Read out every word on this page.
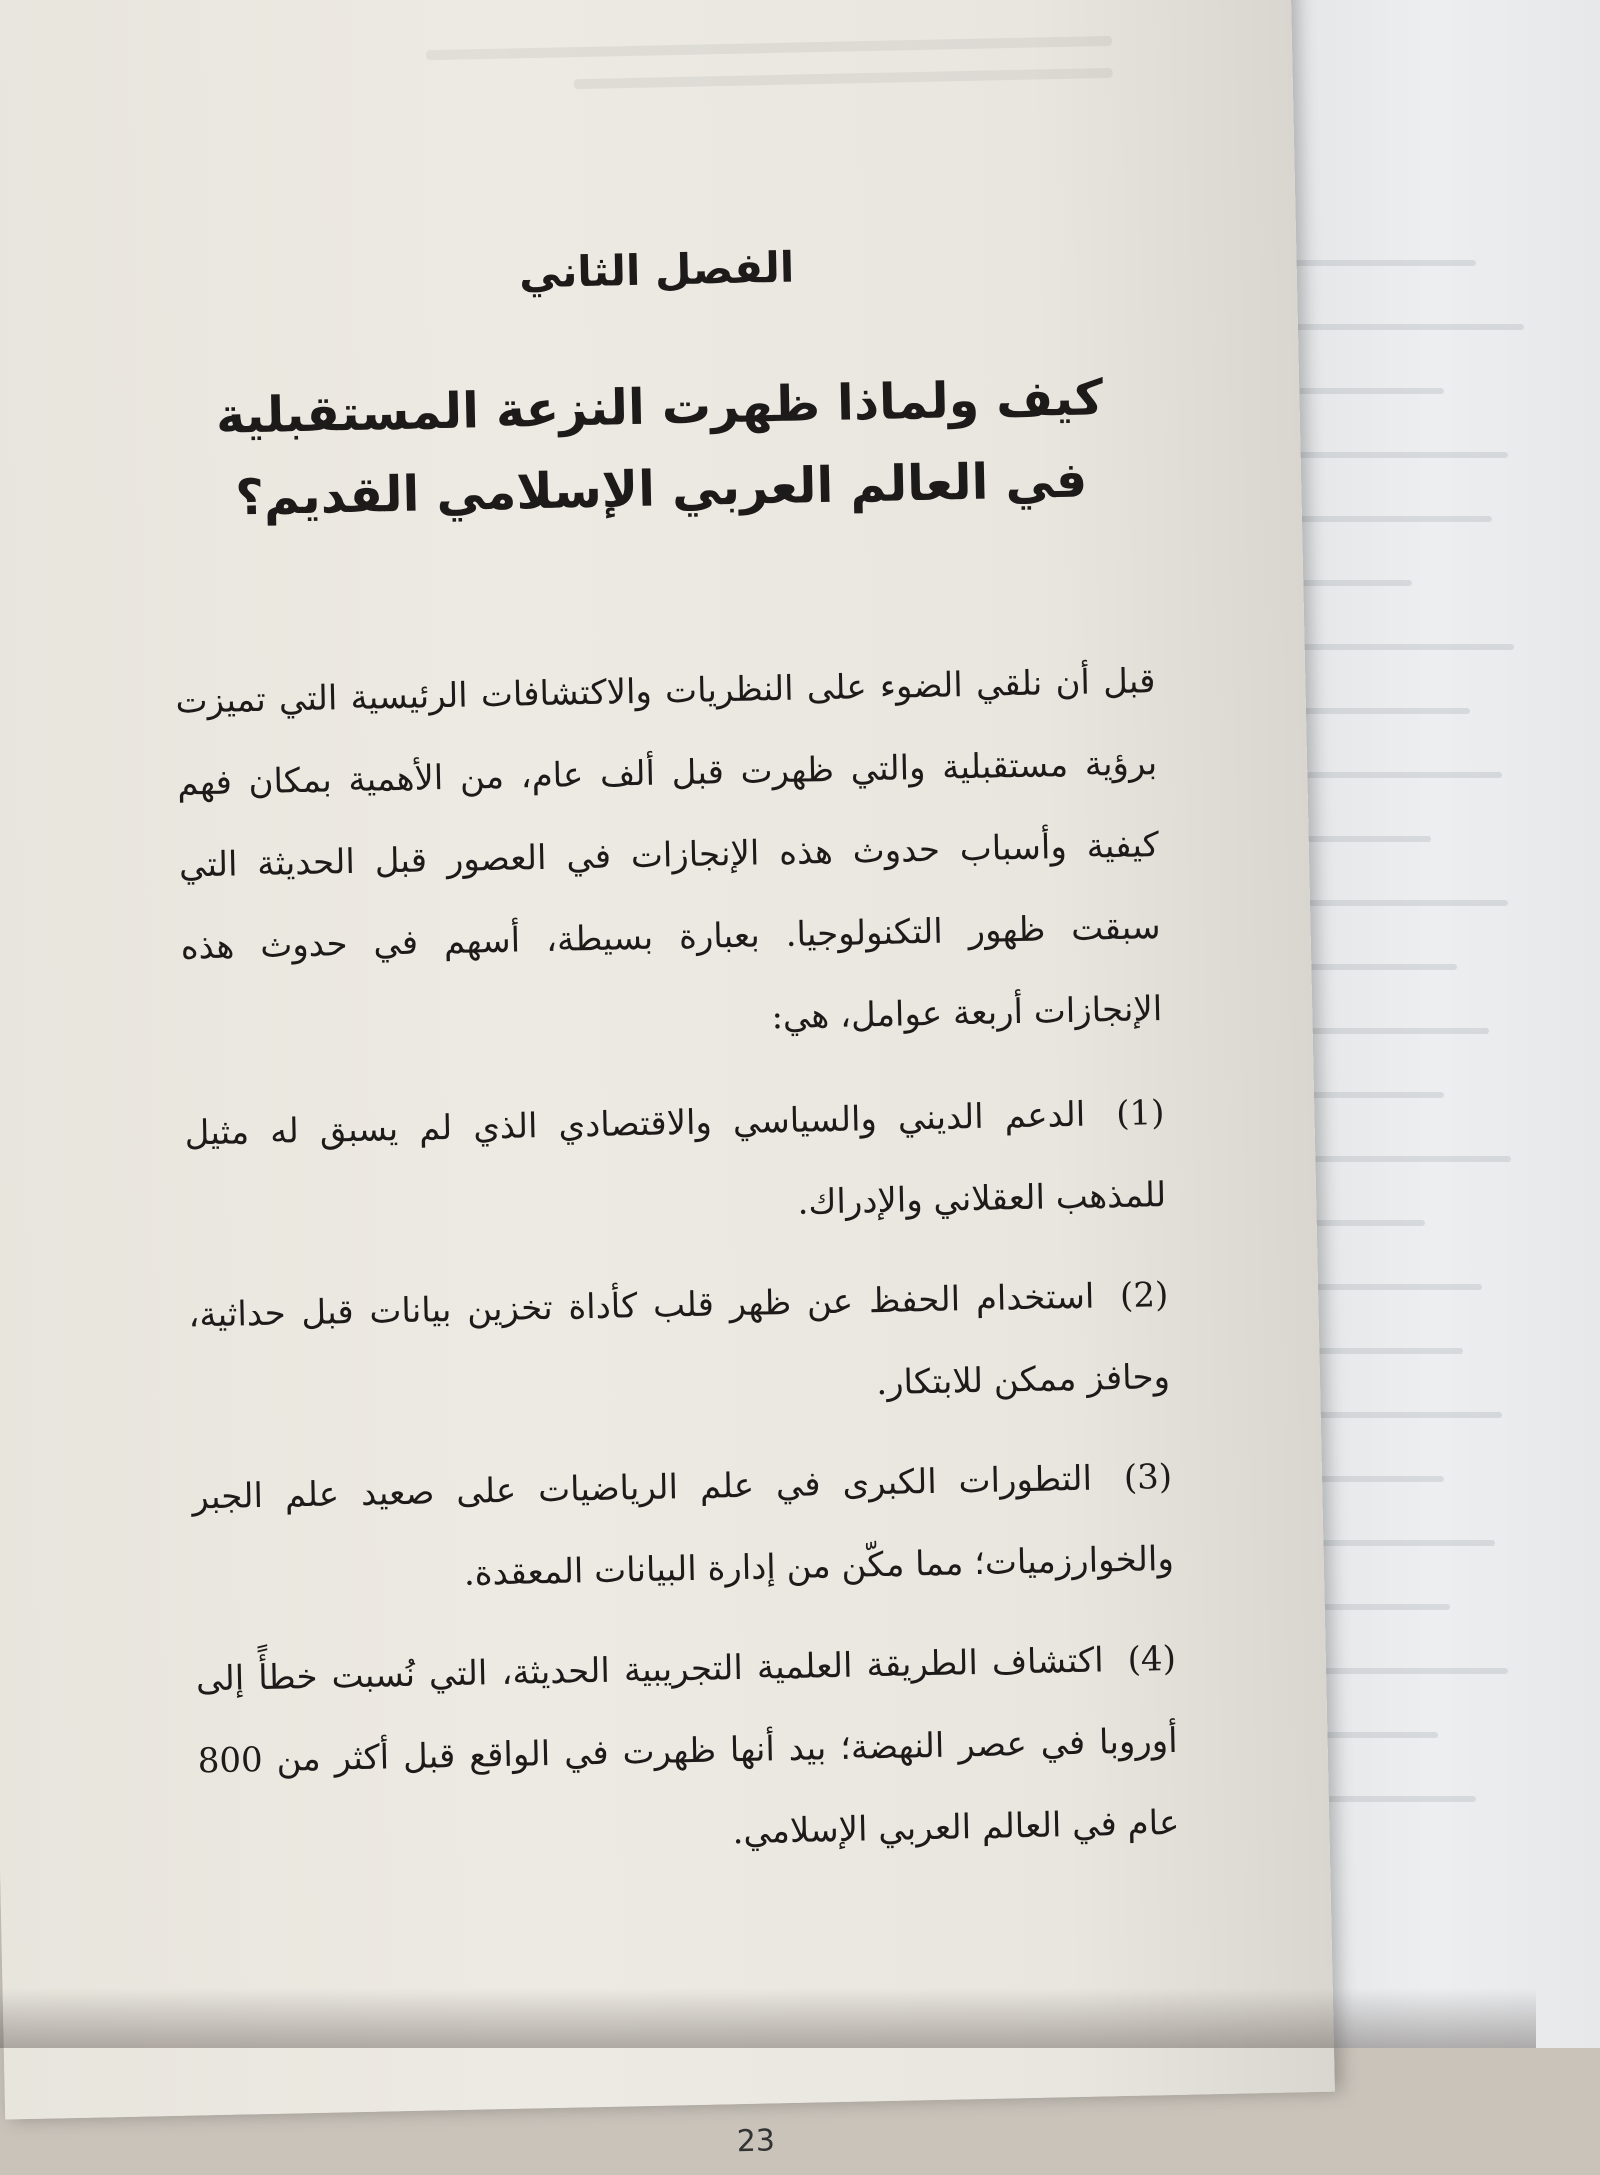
الفصل الثاني
كيف ولماذا ظهرت النزعة المستقبلية
في العالم العربي الإسلامي القديم؟

قبل أن نلقي الضوء على النظريات والاكتشافات الرئيسية التي تميزت برؤية مستقبلية والتي ظهرت قبل ألف عام، من الأهمية بمكان فهم كيفية وأسباب حدوث هذه الإنجازات في العصور قبل الحديثة التي سبقت ظهور التكنولوجيا. بعبارة بسيطة، أسهم في حدوث هذه الإنجازات أربعة عوامل، هي:

(1) الدعم الديني والسياسي والاقتصادي الذي لم يسبق له مثيل للمذهب العقلاني والإدراك.
(2) استخدام الحفظ عن ظهر قلب كأداة تخزين بيانات قبل حداثية، وحافز ممكن للابتكار.
(3) التطورات الكبرى في علم الرياضيات على صعيد علم الجبر والخوارزميات؛ مما مكّن من إدارة البيانات المعقدة.
(4) اكتشاف الطريقة العلمية التجريبية الحديثة، التي نُسبت خطأً إلى أوروبا في عصر النهضة؛ بيد أنها ظهرت في الواقع قبل أكثر من 800 عام في العالم العربي الإسلامي.
23
